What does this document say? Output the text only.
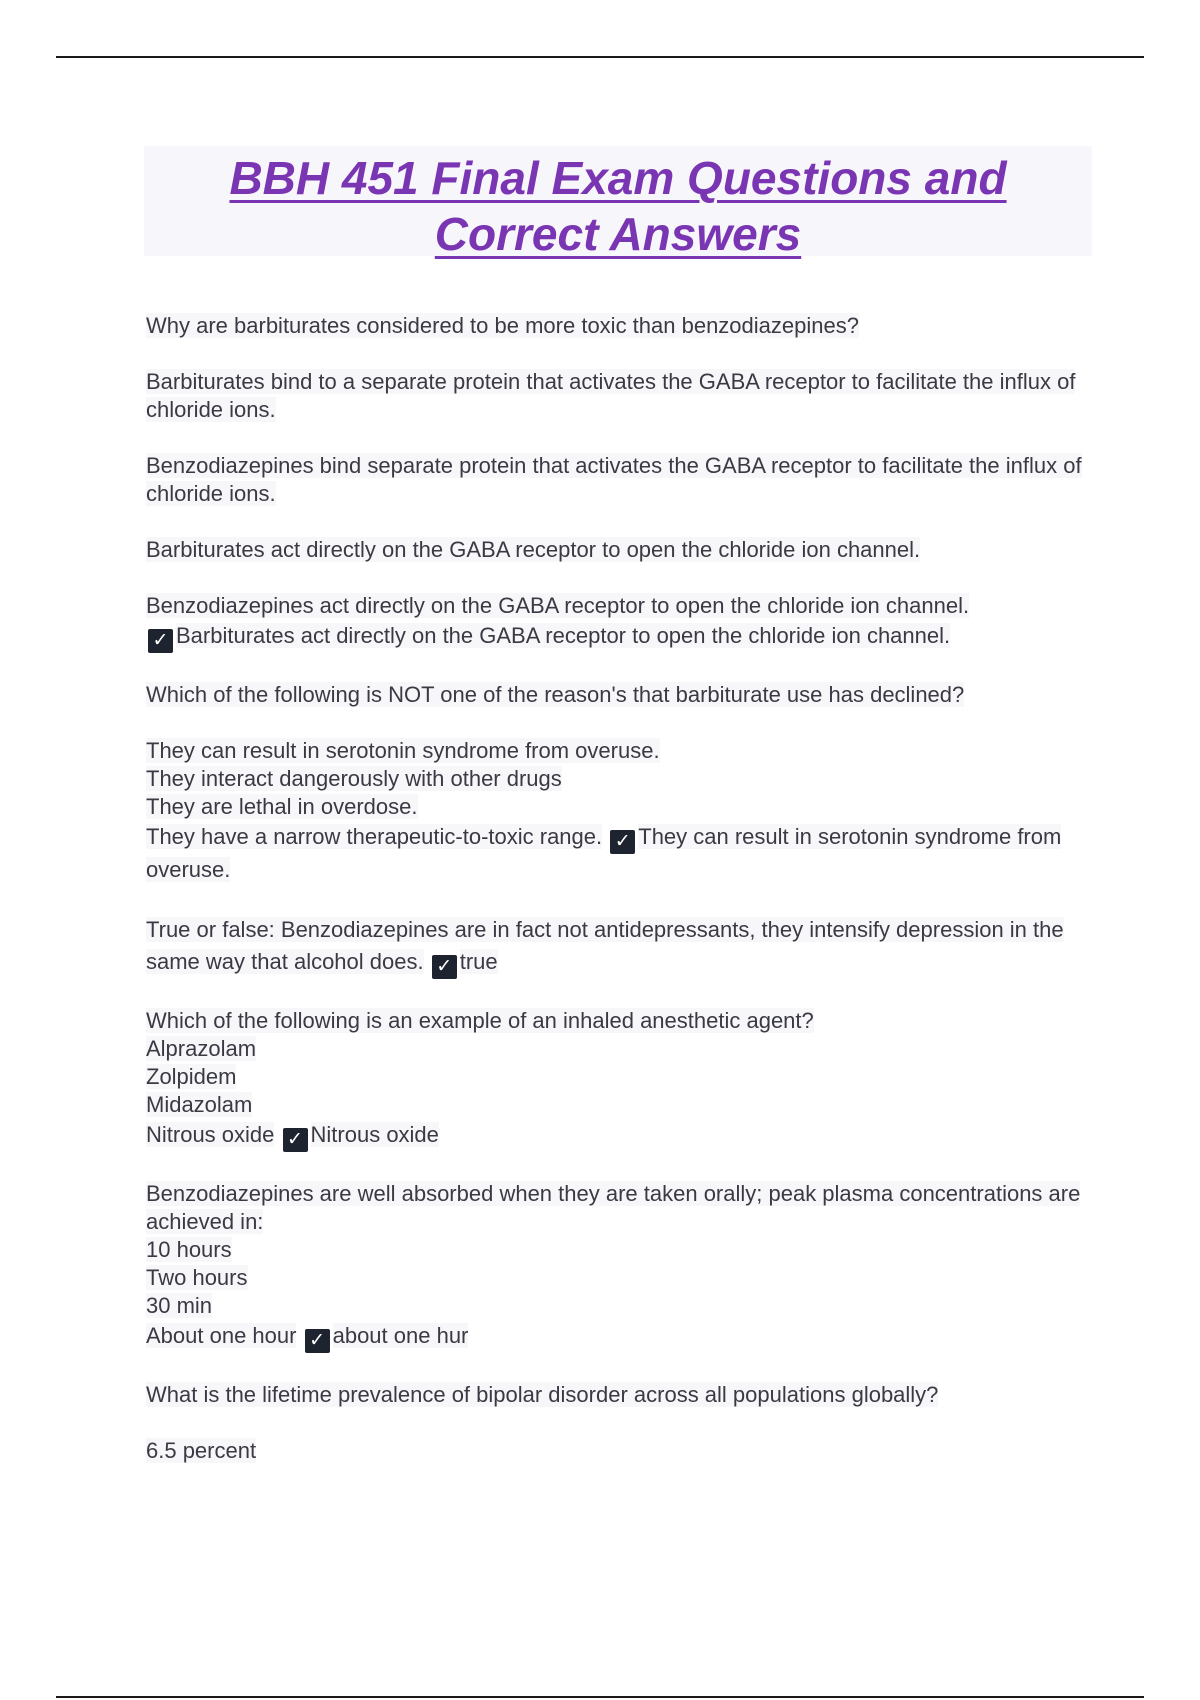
BBH 451 Final Exam Questions and Correct Answers

Why are barbiturates considered to be more toxic than benzodiazepines?

Barbiturates bind to a separate protein that activates the GABA receptor to facilitate the influx of chloride ions.

Benzodiazepines bind separate protein that activates the GABA receptor to facilitate the influx of chloride ions.

Barbiturates act directly on the GABA receptor to open the chloride ion channel.

Benzodiazepines act directly on the GABA receptor to open the chloride ion channel.

✓ Barbiturates act directly on the GABA receptor to open the chloride ion channel.

Which of the following is NOT one of the reason's that barbiturate use has declined?

They can result in serotonin syndrome from overuse.

They interact dangerously with other drugs

They are lethal in overdose.

They have a narrow therapeutic-to-toxic range. ✓ They can result in serotonin syndrome from overuse.

True or false: Benzodiazepines are in fact not antidepressants, they intensify depression in the same way that alcohol does. ✓ true

Which of the following is an example of an inhaled anesthetic agent?

Alprazolam

Zolpidem

Midazolam

Nitrous oxide ✓ Nitrous oxide

Benzodiazepines are well absorbed when they are taken orally; peak plasma concentrations are achieved in:

10 hours

Two hours

30 min

About one hour ✓ about one hur

What is the lifetime prevalence of bipolar disorder across all populations globally?

6.5 percent
